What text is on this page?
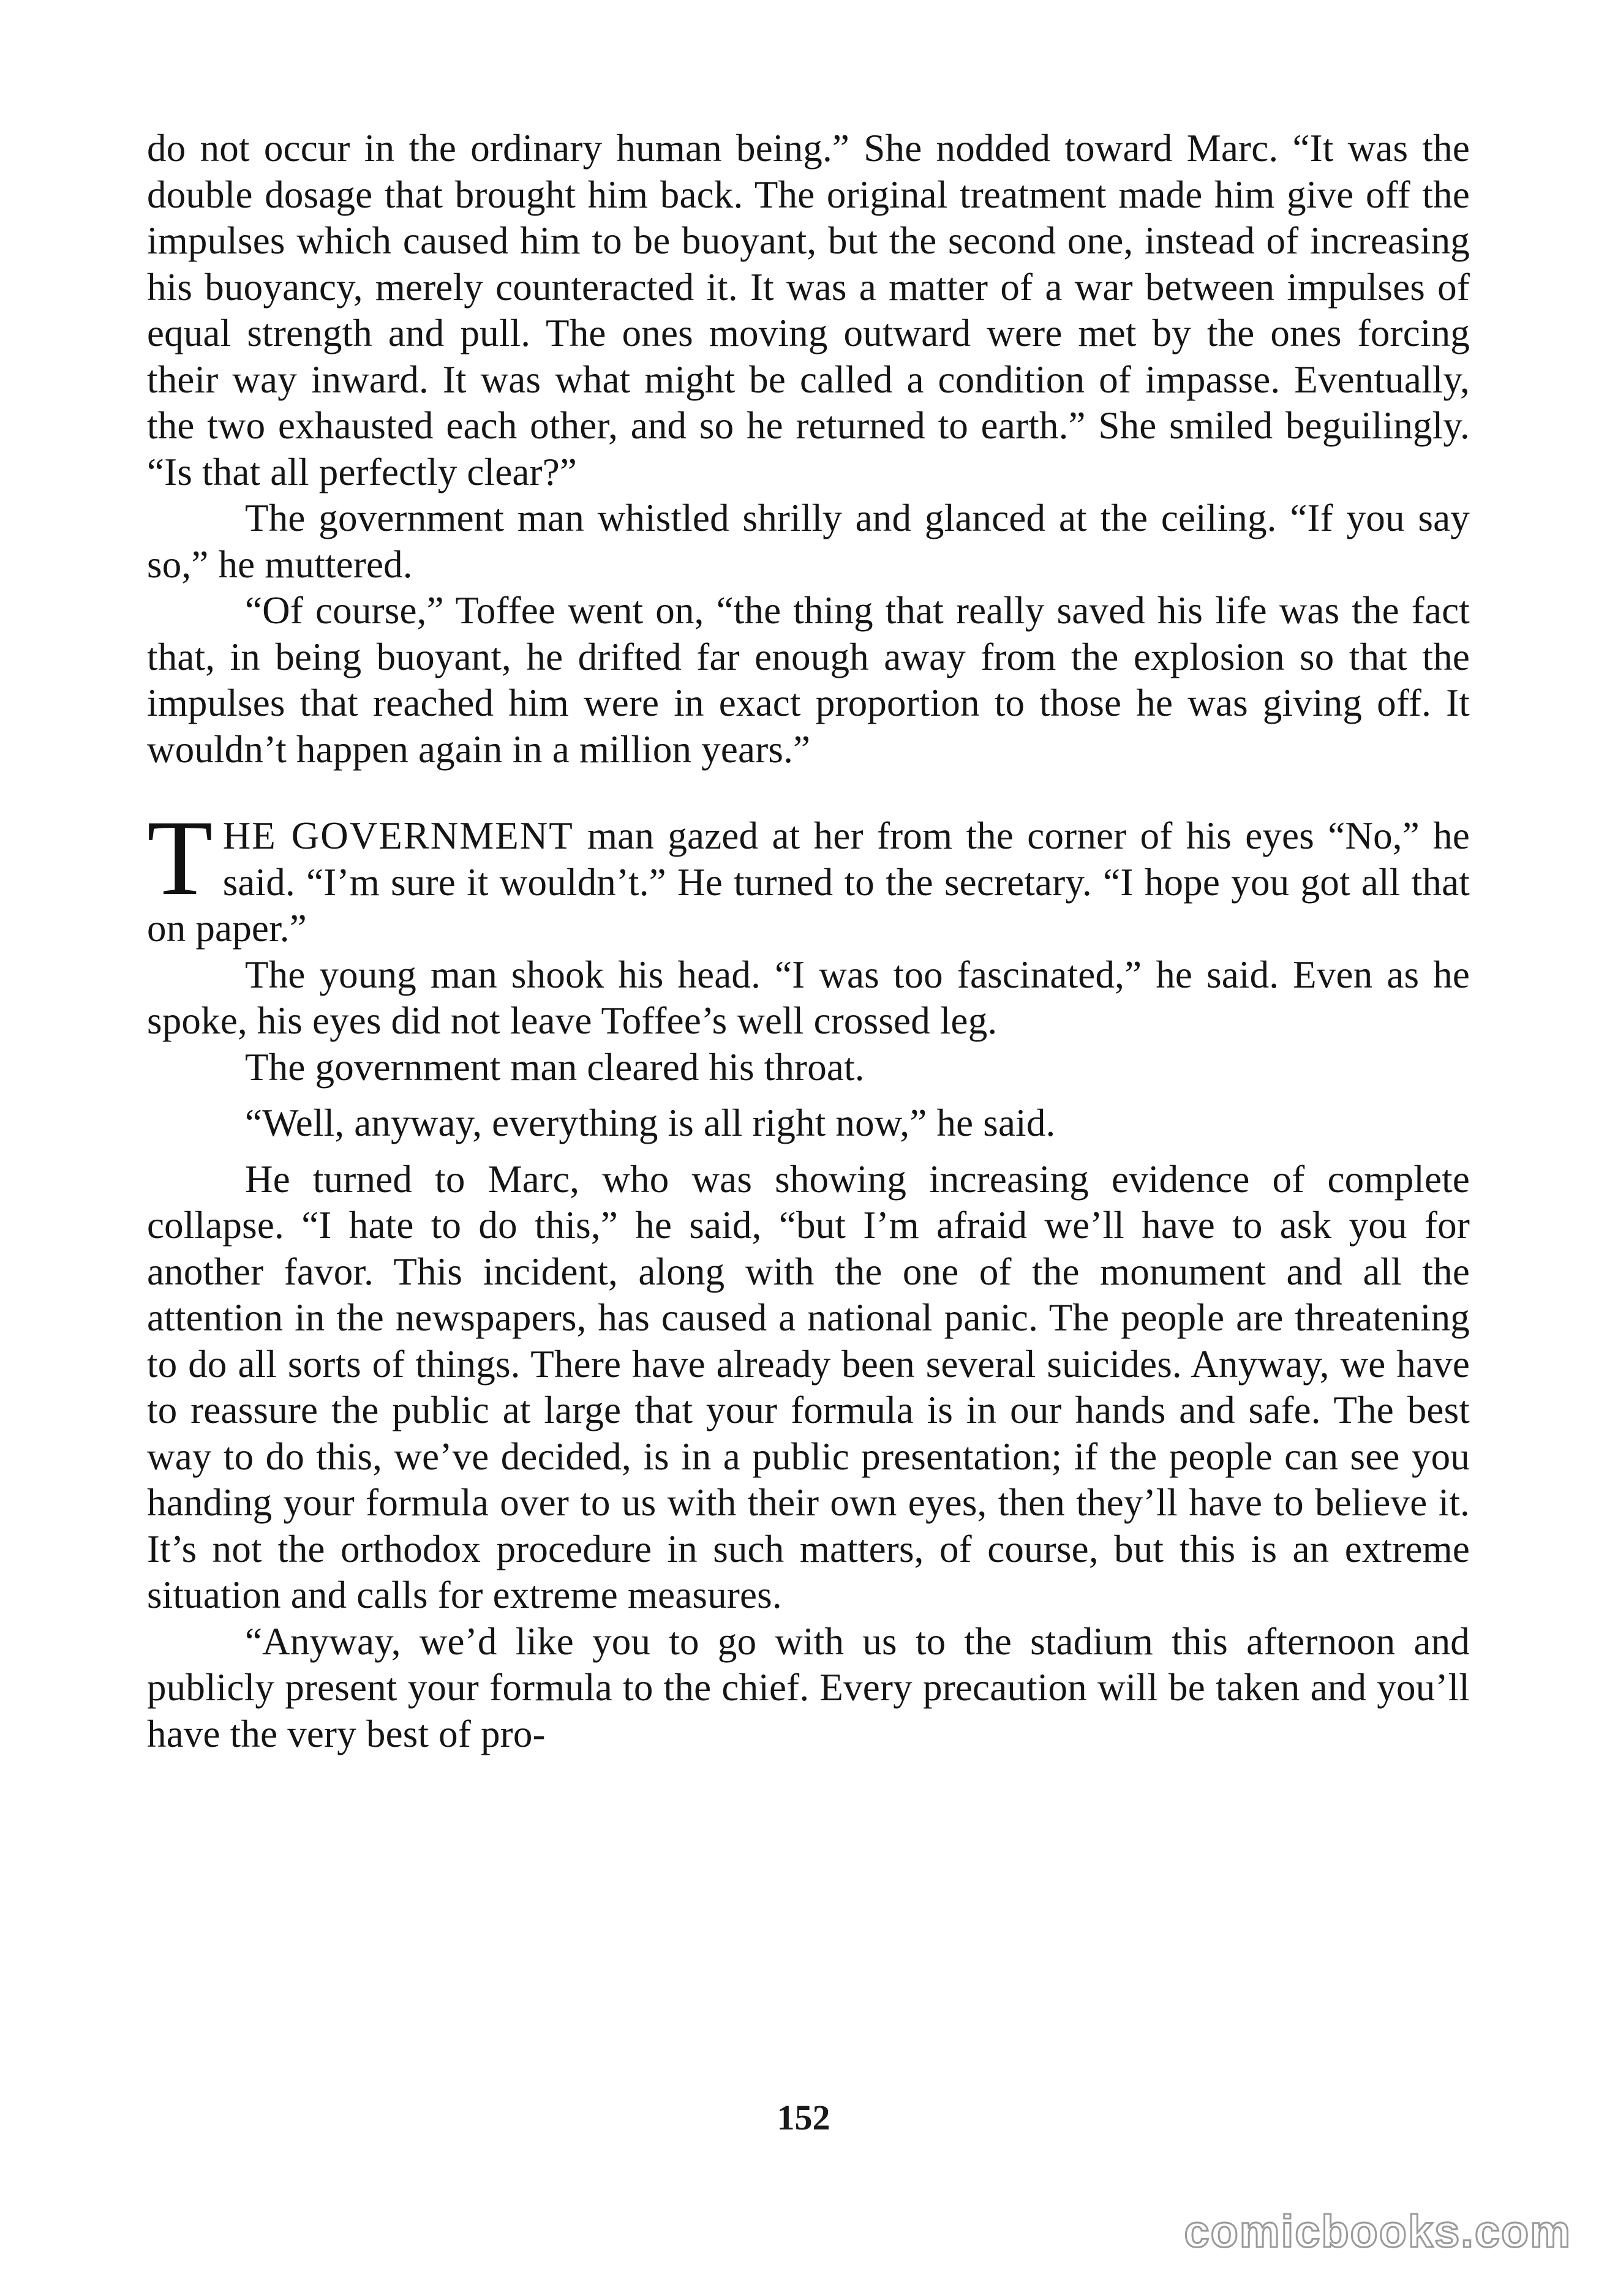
do not occur in the ordinary human being.” She nodded toward Marc. “It was the double dosage that brought him back. The original treatment made him give off the impulses which caused him to be buoyant, but the second one, instead of increasing his buoyancy, merely counteracted it. It was a matter of a war between impulses of equal strength and pull. The ones moving outward were met by the ones forcing their way inward. It was what might be called a condition of impasse. Eventually, the two exhausted each other, and so he returned to earth.” She smiled beguilingly. “Is that all perfectly clear?”

The government man whistled shrilly and glanced at the ceiling. “If you say so,” he muttered.

“Of course,” Toffee went on, “the thing that really saved his life was the fact that, in being buoyant, he drifted far enough away from the explosion so that the impulses that reached him were in exact proportion to those he was giving off. It wouldn’t happen again in a million years.”

THE GOVERNMENT man gazed at her from the corner of his eyes “No,” he said. “I’m sure it wouldn’t.” He turned to the secretary. “I hope you got all that on paper.”

The young man shook his head. “I was too fascinated,” he said. Even as he spoke, his eyes did not leave Toffee’s well crossed leg.

The government man cleared his throat.

“Well, anyway, everything is all right now,” he said.

He turned to Marc, who was showing increasing evidence of complete collapse. “I hate to do this,” he said, “but I’m afraid we’ll have to ask you for another favor. This incident, along with the one of the monument and all the attention in the newspapers, has caused a national panic. The people are threatening to do all sorts of things. There have already been several suicides. Anyway, we have to reassure the public at large that your formula is in our hands and safe. The best way to do this, we’ve decided, is in a public presentation; if the people can see you handing your formula over to us with their own eyes, then they’ll have to believe it. It’s not the orthodox procedure in such matters, of course, but this is an extreme situation and calls for extreme measures.

“Anyway, we’d like you to go with us to the stadium this afternoon and publicly present your formula to the chief. Every precaution will be taken and you’ll have the very best of pro-

152
comicbooks.com
